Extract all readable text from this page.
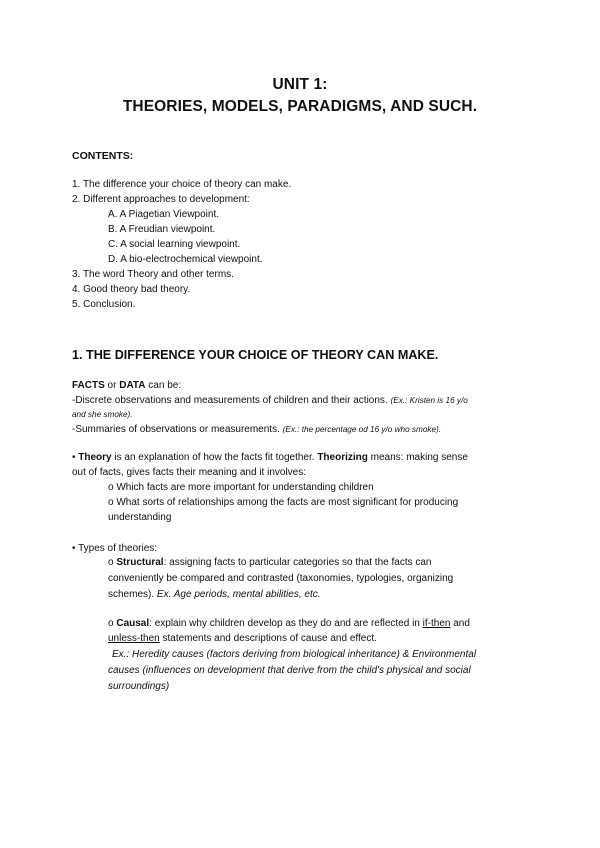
UNIT 1:
THEORIES, MODELS, PARADIGMS, AND SUCH.
CONTENTS:
1. The difference your choice of theory can make.
2. Different approaches to development:
A. A Piagetian Viewpoint.
B. A Freudian viewpoint.
C. A social learning viewpoint.
D. A bio-electrochemical viewpoint.
3. The word Theory and other terms.
4. Good theory bad theory.
5. Conclusion.
1. THE DIFFERENCE YOUR CHOICE OF THEORY CAN MAKE.
FACTS or DATA can be:
-Discrete observations and measurements of children and their actions. (Ex.: Kristen is 16 y/o
and she smoke).
-Summaries of observations or measurements. (Ex.: the percentage od 16 y/o who smoke).
• Theory is an explanation of how the facts fit together. Theorizing means: making sense
out of facts, gives facts their meaning and it involves:
o Which facts are more important for understanding children
o What sorts of relationships among the facts are most significant for producing
understanding
• Types of theories:
o Structural: assigning facts to particular categories so that the facts can
conveniently be compared and contrasted (taxonomies, typologies, organizing
schemes). Ex. Age periods, mental abilities, etc.
o Causal: explain why children develop as they do and are reflected in if-then and
unless-then statements and descriptions of cause and effect.
Ex.: Heredity causes (factors deriving from biological inheritance) & Environmental
causes (influences on development that derive from the child's physical and social
surroundings)
